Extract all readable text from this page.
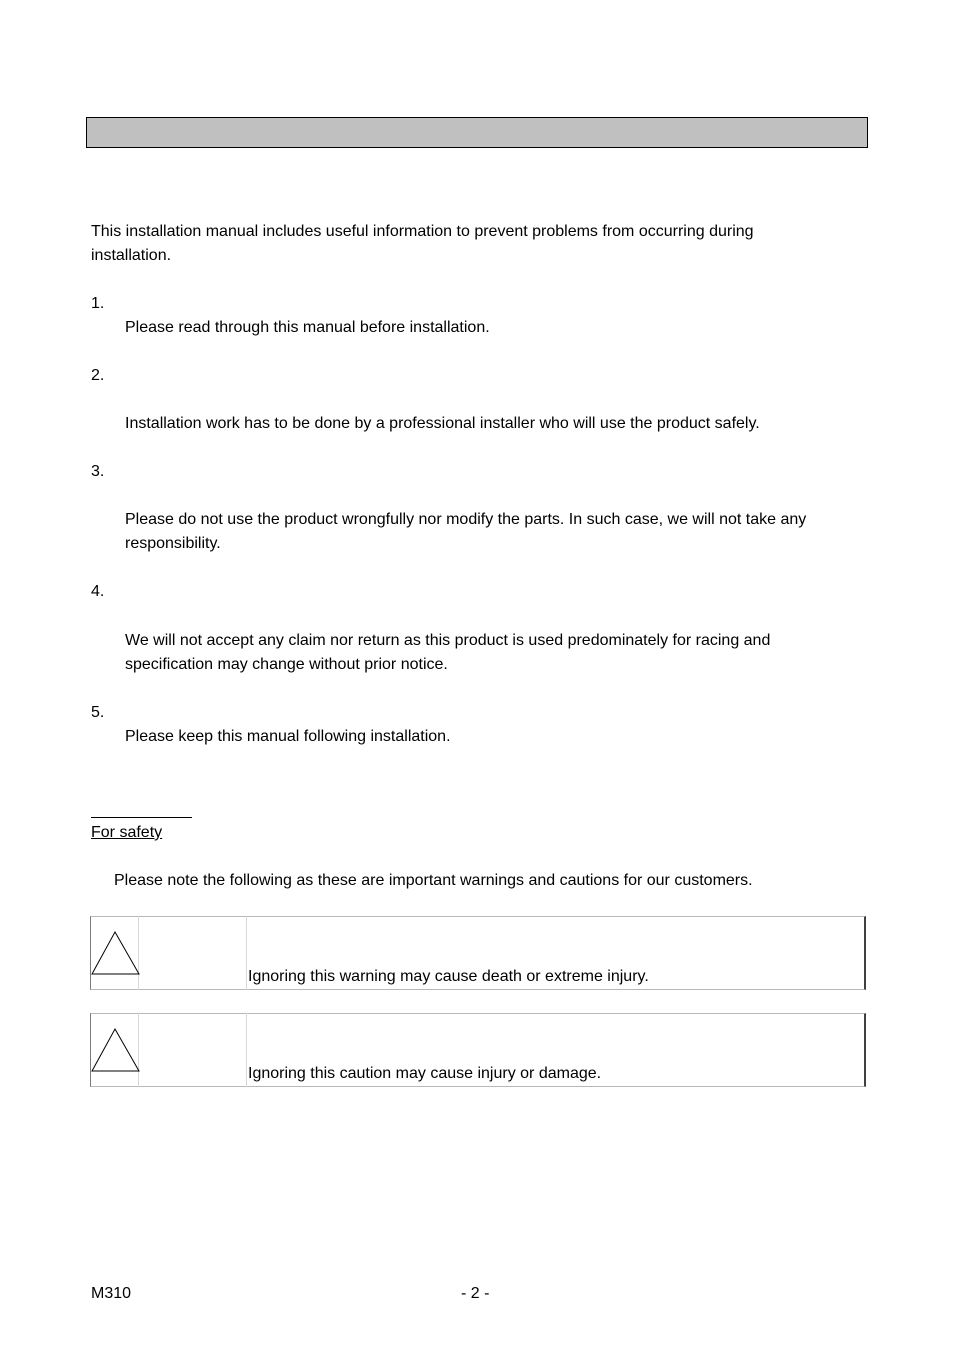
This installation manual includes useful information to prevent problems from occurring during
installation.
1.
Please read through this manual before installation.
2.
Installation work has to be done by a professional installer who will use the product safely.
3.
Please do not use the product wrongfully nor modify the parts. In such case, we will not take any
responsibility.
4.
We will not accept any claim nor return as this product is used predominately for racing and
specification may change without prior notice.
5.
Please keep this manual following installation.
For safety
Please note the following as these are important warnings and cautions for our customers.
Ignoring this warning may cause death or extreme injury.
Ignoring this caution may cause injury or damage.
M310	- 2 -
